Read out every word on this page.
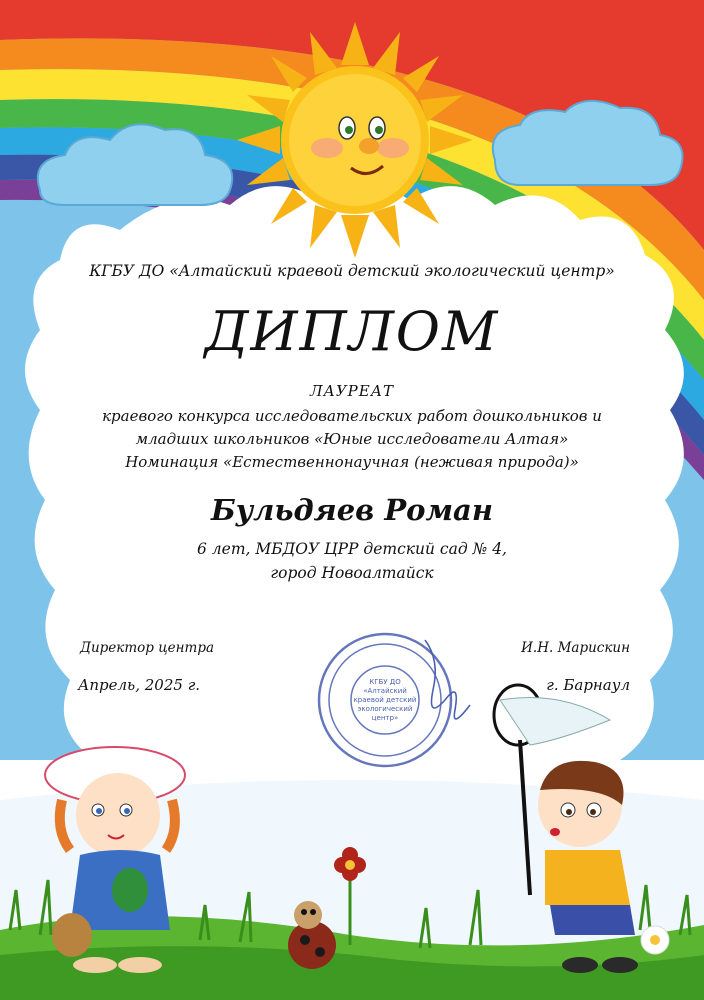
КГБУ ДО
«Алтайский
краевой детский
экологический
центр»
КГБУ ДО «Алтайский краевой детский экологический центр»
ДИПЛОМ
ЛАУРЕАТ
краевого конкурса исследовательских работ дошкольников и
младших школьников «Юные исследователи Алтая»
Номинация «Естественнонаучная (неживая природа)»
Бульдяев Роман
6 лет, МБДОУ ЦРР детский сад № 4,
город Новоалтайск
Директор центра	И.Н. Марискин
Апрель, 2025 г.	г. Барнаул
